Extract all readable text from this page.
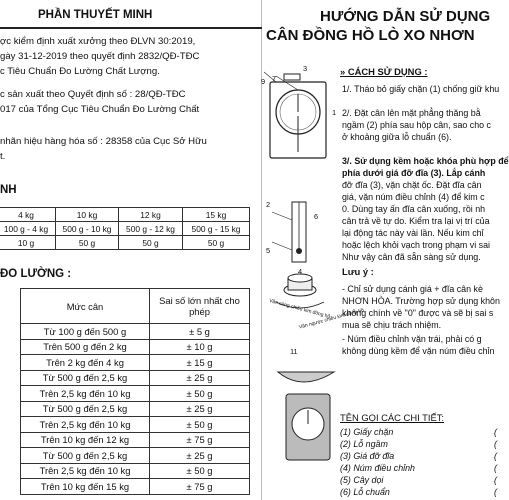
PHẦN THUYẾT MINH
ợc kiểm định xuất xưởng theo ĐLVN 30:2019,
gày 31-12-2019 theo quyết định 2832/QĐ-TĐC
c Tiêu Chuẩn Đo Lường Chất Lượng.
c sản xuất theo Quyết định số : 28/QĐ-TĐC
017 của Tổng Cục Tiêu Chuẩn Đo Lường Chất
nhãn hiệu hàng hóa số : 28358 của Cục Sở Hữu
t.
NH
4 kg	10 kg	12 kg	15 kg
100 g - 4 kg	500 g - 10 kg	500 g - 12 kg	500 g - 15 kg
10 g	50 g	50 g	50 g
ĐO LƯỜNG :
Mức cân	Sai số lớn nhất cho phép
Từ 100 g đến 500 g	± 5 g
Trên 500 g đến 2 kg	± 10 g
Trên 2 kg đến 4 kg	± 15 g
Từ 500 g đến 2,5 kg	± 25 g
Trên 2,5 kg đến 10 kg	± 50 g
Từ 500 g đến 2,5 kg	± 25 g
Trên 2,5 kg đến 10 kg	± 50 g
Trên 10 kg đến 12 kg	± 75 g
Từ 500 g đến 2,5 kg	± 25 g
Trên 2,5 kg đến 10 kg	± 50 g
Trên 10 kg đến 15 kg	± 75 g
HƯỚNG DẪN SỬ DỤNG
CÂN ĐỒNG HỒ LÒ XO NHƠN
3
9 7
1
2
5
6
4
11
Vặn cùng chiều kim đồng hồ
Vặn ngược chiều kim đồng hồ
» CÁCH SỬ DỤNG :
1/. Tháo bỏ giấy chặn (1) chống giữ khu
2/. Đặt cân lên mặt phẳng thăng bằ
ngầm (2) phía sau hộp cân, sao cho c
ở khoảng giữa lỗ chuẩn (6).
3/. Sử dụng kềm hoặc khóa phù hợp để
phía dưới giá đỡ đĩa (3). Lắp cánh
đỡ đĩa (3), vặn chặt ốc. Đặt đĩa cân
giá, vặn núm điều chỉnh (4) để kim c
0. Dùng tay ấn đĩa cân xuống, rồi nh
cân trả về tự do. Kiểm tra lại vị trí của
lại động tác này vài lần. Nếu kim chỉ
hoặc lệch khỏi vạch trong phạm vi sai
Như vậy cân đã sẵn sàng sử dụng.
Lưu ý :
- Chỉ sử dụng cánh giá + đĩa cân kè
NHƠN HÒA. Trường hợp sử dụng khôn
không chính về "0" được và sẽ bị sai s
mua sẽ chịu trách nhiệm.
- Núm điều chỉnh vặn trái, phải có g
không dùng kềm để vặn núm điều chỉn
TÊN GỌI CÁC CHI TIẾT:
(1) Giấy chặn
(2) Lỗ ngầm
(3) Giá đỡ đĩa
(4) Núm điều chỉnh
(5) Cây dọi
(6) Lỗ chuẩn
(
(
(
(
(
(
